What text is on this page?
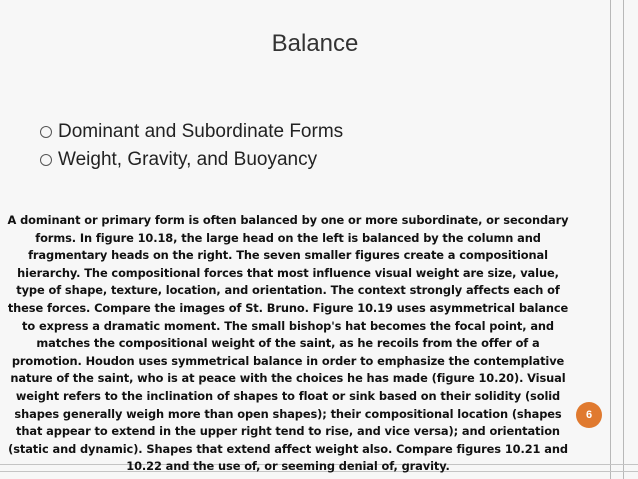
Balance
Dominant and Subordinate Forms
Weight, Gravity, and Buoyancy
A dominant or primary form is often balanced by one or more subordinate, or secondary forms. In figure 10.18, the large head on the left is balanced by the column and fragmentary heads on the right. The seven smaller figures create a compositional hierarchy. The compositional forces that most influence visual weight are size, value, type of shape, texture, location, and orientation. The context strongly affects each of these forces. Compare the images of St. Bruno. Figure 10.19 uses asymmetrical balance to express a dramatic moment. The small bishop's hat becomes the focal point, and matches the compositional weight of the saint, as he recoils from the offer of a promotion. Houdon uses symmetrical balance in order to emphasize the contemplative nature of the saint, who is at peace with the choices he has made (figure 10.20). Visual weight refers to the inclination of shapes to float or sink based on their solidity (solid shapes generally weigh more than open shapes); their compositional location (shapes that appear to extend in the upper right tend to rise, and vice versa); and orientation (static and dynamic). Shapes that extend affect weight also. Compare figures 10.21 and 10.22 and the use of, or seeming denial of, gravity.
6
